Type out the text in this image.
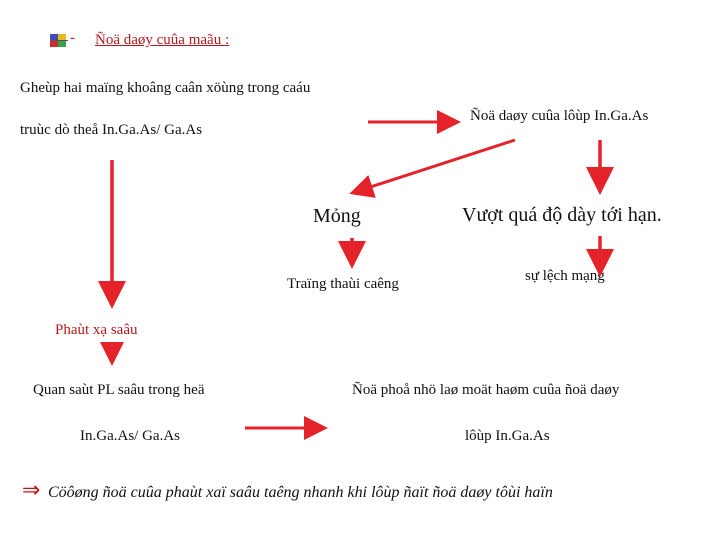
- Ñoä daøy cuûa maãu :
Gheùp hai maïng khoâng caân xöùng trong caáu
truùc dò theå In.Ga.As/ Ga.As
Ñoä daøy cuûa lôùp In.Ga.As
Mỏng	Vượt quá độ dày tới hạn.
Traïng thaùi caêng	sự lệch mạng
Phaùt xạ saâu
Quan saùt PL saâu trong heä
In.Ga.As/ Ga.As
Ñoä phoå nhö laø moät haøm cuûa ñoä daøy
lôùp In.Ga.As
⇒ Cöôøng ñoä cuûa phaùt xaï saâu taêng nhanh khi lôùp ñaït ñoä daøy tôùi haïn
